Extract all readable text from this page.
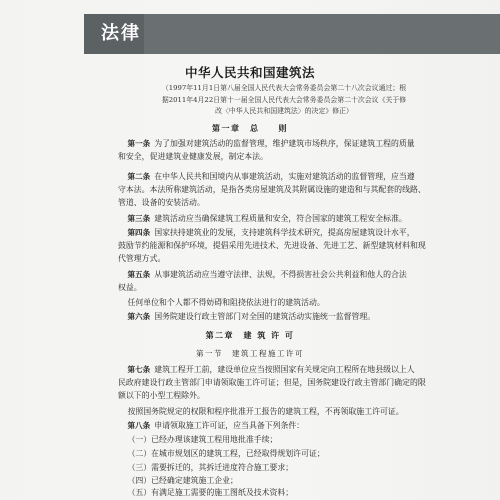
法律
中华人民共和国建筑法
（1997年11月1日第八届全国人民代表大会常务委员会第二十八次会议通过；根
据2011年4月22日第十一届全国人民代表大会常务委员会第二十次会议《关于修
改〈中华人民共和国建筑法〉的决定》修正）
第一章　总　　则
第一条 为了加强对建筑活动的监督管理，维护建筑市场秩序，保证建筑工程的质量
和安全，促进建筑业健康发展，制定本法。
第二条 在中华人民共和国境内从事建筑活动，实施对建筑活动的监督管理，应当遵
守本法。本法所称建筑活动，是指各类房屋建筑及其附属设施的建造和与其配套的线路、
管道、设备的安装活动。
第三条 建筑活动应当确保建筑工程质量和安全，符合国家的建筑工程安全标准。
第四条 国家扶持建筑业的发展，支持建筑科学技术研究，提高房屋建筑设计水平，
鼓励节约能源和保护环境，提倡采用先进技术、先进设备、先进工艺、新型建筑材料和现
代管理方式。
第五条 从事建筑活动应当遵守法律、法规，不得损害社会公共利益和他人的合法
权益。
任何单位和个人都不得妨碍和阻挠依法进行的建筑活动。
第六条 国务院建设行政主管部门对全国的建筑活动实施统一监督管理。
第二章　建 筑 许 可
第一节　建筑工程施工许可
第七条 建筑工程开工前，建设单位应当按照国家有关规定向工程所在地县级以上人
民政府建设行政主管部门申请领取施工许可证；但是，国务院建设行政主管部门确定的限
额以下的小型工程除外。
按照国务院规定的权限和程序批准开工报告的建筑工程，不再领取施工许可证。
第八条 申请领取施工许可证，应当具备下列条件：
（一）已经办理该建筑工程用地批准手续；
（二）在城市规划区的建筑工程，已经取得规划许可证；
（三）需要拆迁的，其拆迁进度符合施工要求；
（四）已经确定建筑施工企业；
（五）有满足施工需要的施工图纸及技术资料；
